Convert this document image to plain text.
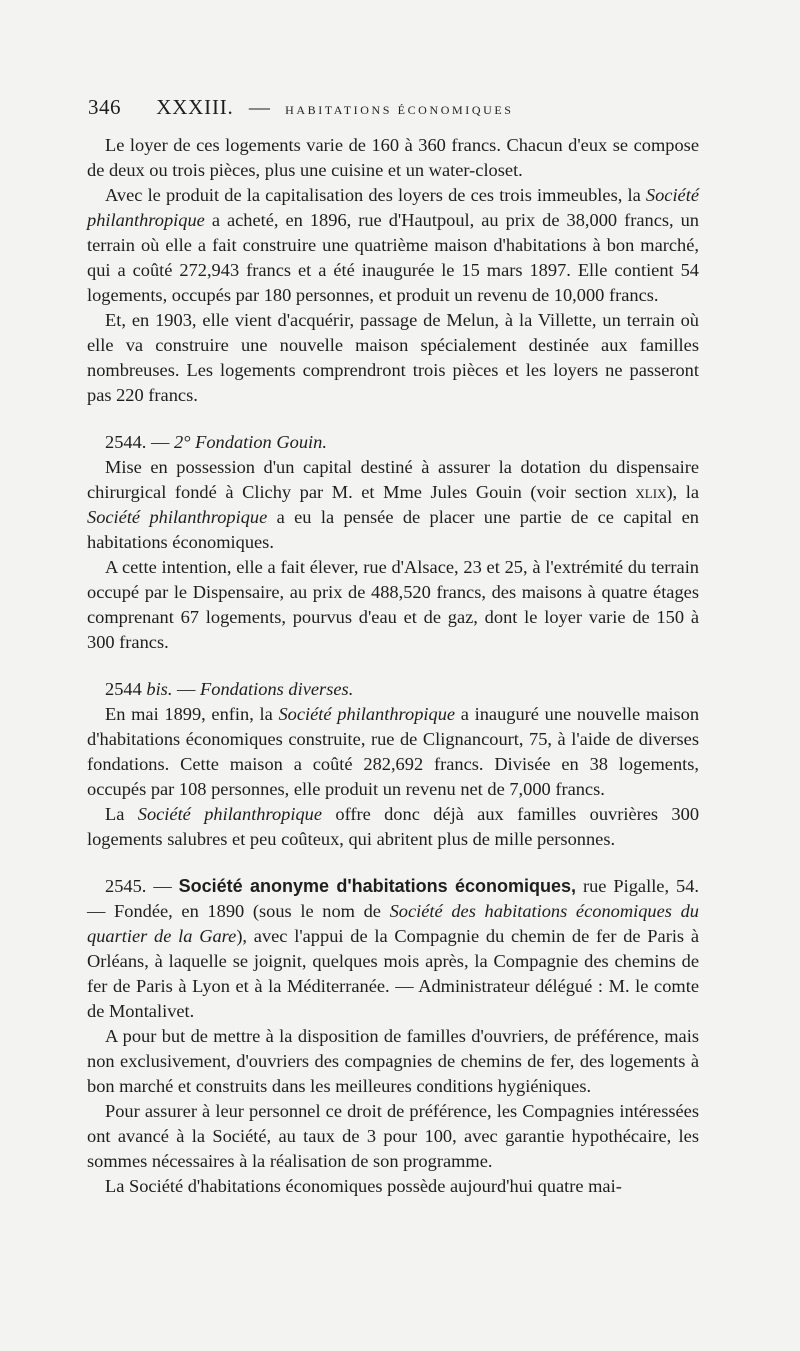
346 XXXIII. — HABITATIONS ÉCONOMIQUES

Le loyer de ces logements varie de 160 à 360 francs. Chacun d'eux se compose de deux ou trois pièces, plus une cuisine et un water-closet.

Avec le produit de la capitalisation des loyers de ces trois immeubles, la Société philanthropique a acheté, en 1896, rue d'Hautpoul, au prix de 38,000 francs, un terrain où elle a fait construire une quatrième maison d'habitations à bon marché, qui a coûté 272,943 francs et a été inaugurée le 15 mars 1897. Elle contient 54 logements, occupés par 180 personnes, et produit un revenu de 10,000 francs.

Et, en 1903, elle vient d'acquérir, passage de Melun, à la Villette, un terrain où elle va construire une nouvelle maison spécialement destinée aux familles nombreuses. Les logements comprendront trois pièces et les loyers ne passeront pas 220 francs.

2544. — 2° Fondation Gouin.

Mise en possession d'un capital destiné à assurer la dotation du dispensaire chirurgical fondé à Clichy par M. et Mme Jules Gouin (voir section xlix), la Société philanthropique a eu la pensée de placer une partie de ce capital en habitations économiques.

A cette intention, elle a fait élever, rue d'Alsace, 23 et 25, à l'extrémité du terrain occupé par le Dispensaire, au prix de 488,520 francs, des maisons à quatre étages comprenant 67 logements, pourvus d'eau et de gaz, dont le loyer varie de 150 à 300 francs.

2544 bis. — Fondations diverses.

En mai 1899, enfin, la Société philanthropique a inauguré une nouvelle maison d'habitations économiques construite, rue de Clignancourt, 75, à l'aide de diverses fondations. Cette maison a coûté 282,692 francs. Divisée en 38 logements, occupés par 108 personnes, elle produit un revenu net de 7,000 francs.

La Société philanthropique offre donc déjà aux familles ouvrières 300 logements salubres et peu coûteux, qui abritent plus de mille personnes.

2545. — Société anonyme d'habitations économiques, rue Pigalle, 54. — Fondée, en 1890 (sous le nom de Société des habitations économiques du quartier de la Gare), avec l'appui de la Compagnie du chemin de fer de Paris à Orléans, à laquelle se joignit, quelques mois après, la Compagnie des chemins de fer de Paris à Lyon et à la Méditerranée. — Administrateur délégué : M. le comte de Montalivet.

A pour but de mettre à la disposition de familles d'ouvriers, de préférence, mais non exclusivement, d'ouvriers des compagnies de chemins de fer, des logements à bon marché et construits dans les meilleures conditions hygiéniques.

Pour assurer à leur personnel ce droit de préférence, les Compagnies intéressées ont avancé à la Société, au taux de 3 pour 100, avec garantie hypothécaire, les sommes nécessaires à la réalisation de son programme.

La Société d'habitations économiques possède aujourd'hui quatre mai-
